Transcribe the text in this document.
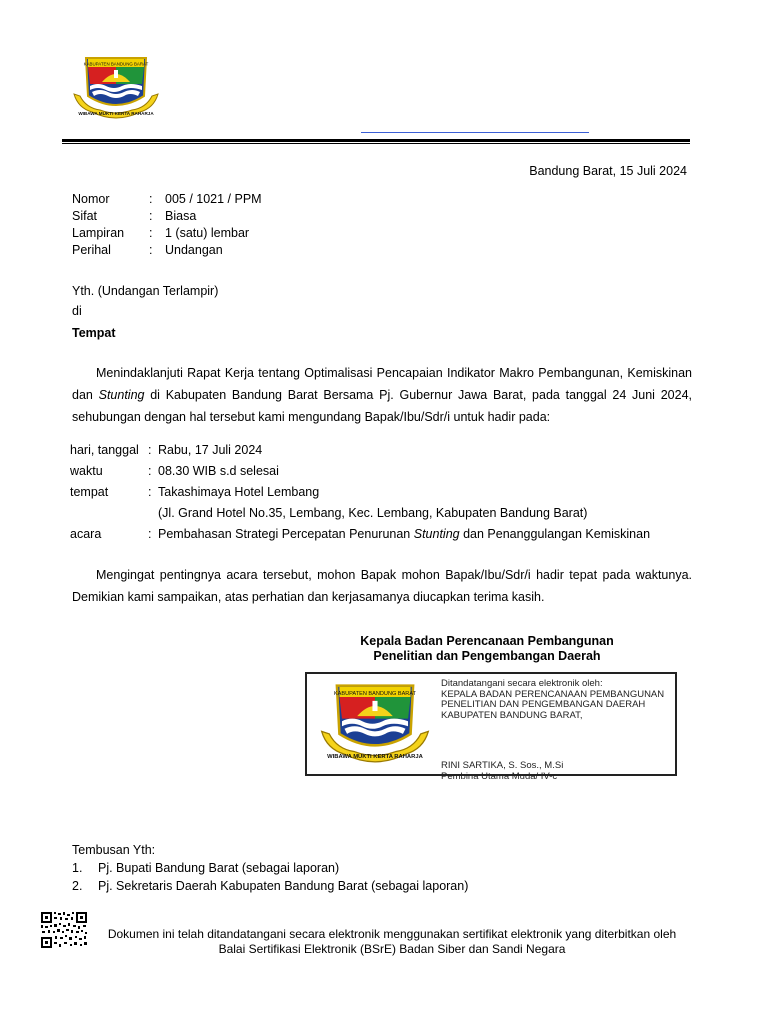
KABUPATEN BANDUNG BARAT
WIBAWA MUKTI KERTA RAHARJA
Bandung Barat, 15 Juli 2024
Nomor	:	005 / 1021 / PPM
Sifat	:	Biasa
Lampiran	:	1 (satu) lembar
Perihal	:	Undangan
Yth. (Undangan Terlampir)
di
Tempat
Menindaklanjuti Rapat Kerja tentang Optimalisasi Pencapaian Indikator Makro Pembangunan, Kemiskinan dan Stunting di Kabupaten Bandung Barat Bersama Pj. Gubernur Jawa Barat, pada tanggal 24 Juni 2024, sehubungan dengan hal tersebut kami mengundang Bapak/Ibu/Sdr/i untuk hadir pada:
hari, tanggal : Rabu, 17 Juli 2024
waktu	: 08.30 WIB s.d selesai
tempat	: Takashimaya Hotel Lembang
(Jl. Grand Hotel No.35, Lembang, Kec. Lembang, Kabupaten Bandung Barat)
acara	: Pembahasan Strategi Percepatan Penurunan Stunting dan Penanggulangan Kemiskinan
Mengingat pentingnya acara tersebut, mohon Bapak mohon Bapak/Ibu/Sdr/i hadir tepat pada waktunya. Demikian kami sampaikan, atas perhatian dan kerjasamanya diucapkan terima kasih.
Kepala Badan Perencanaan Pembangunan
Penelitian dan Pengembangan Daerah
KABUPATEN BANDUNG BARAT
WIBAWA MUKTI KERTA RAHARJA
Ditandatangani secara elektronik oleh:
KEPALA BADAN PERENCANAAN PEMBANGUNAN
PENELITIAN DAN PENGEMBANGAN DAERAH
KABUPATEN BANDUNG BARAT,
RINI SARTIKA, S. Sos., M.Si
Pembina Utama Muda/ IV-c
Tembusan Yth:
1.	Pj. Bupati Bandung Barat (sebagai laporan)
2.	Pj. Sekretaris Daerah Kabupaten Bandung Barat (sebagai laporan)
Dokumen ini telah ditandatangani secara elektronik menggunakan sertifikat elektronik yang diterbitkan oleh
Balai Sertifikasi Elektronik (BSrE) Badan Siber dan Sandi Negara
